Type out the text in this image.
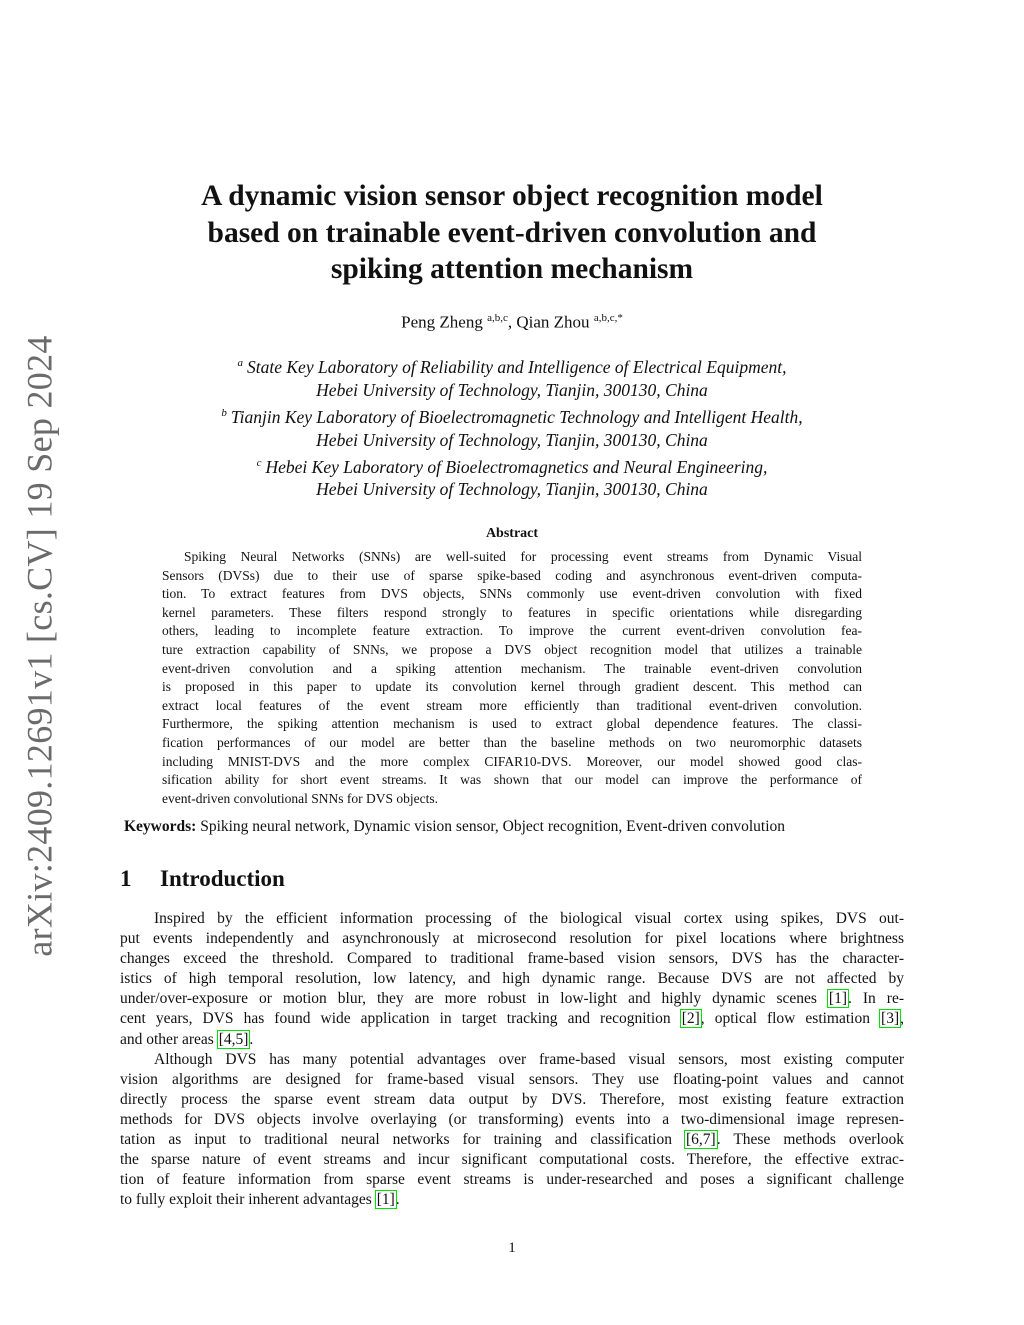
arXiv:2409.12691v1 [cs.CV] 19 Sep 2024
A dynamic vision sensor object recognition model
based on trainable event-driven convolution and
spiking attention mechanism
Peng Zheng $^{a,b,c}$, Qian Zhou $^{a,b,c,*}$
$^a$ State Key Laboratory of Reliability and Intelligence of Electrical Equipment,
Hebei University of Technology, Tianjin, 300130, China
$^b$ Tianjin Key Laboratory of Bioelectromagnetic Technology and Intelligent Health,
Hebei University of Technology, Tianjin, 300130, China
$^c$ Hebei Key Laboratory of Bioelectromagnetics and Neural Engineering,
Hebei University of Technology, Tianjin, 300130, China
Abstract
Spiking Neural Networks (SNNs) are well-suited for processing event streams from Dynamic Visual
Sensors (DVSs) due to their use of sparse spike-based coding and asynchronous event-driven computa-
tion. To extract features from DVS objects, SNNs commonly use event-driven convolution with fixed
kernel parameters. These filters respond strongly to features in specific orientations while disregarding
others, leading to incomplete feature extraction. To improve the current event-driven convolution fea-
ture extraction capability of SNNs, we propose a DVS object recognition model that utilizes a trainable
event-driven convolution and a spiking attention mechanism. The trainable event-driven convolution
is proposed in this paper to update its convolution kernel through gradient descent. This method can
extract local features of the event stream more efficiently than traditional event-driven convolution.
Furthermore, the spiking attention mechanism is used to extract global dependence features. The classi-
fication performances of our model are better than the baseline methods on two neuromorphic datasets
including MNIST-DVS and the more complex CIFAR10-DVS. Moreover, our model showed good clas-
sification ability for short event streams. It was shown that our model can improve the performance of
event-driven convolutional SNNs for DVS objects.
Keywords: Spiking neural network, Dynamic vision sensor, Object recognition, Event-driven convolution
1 Introduction
Inspired by the efficient information processing of the biological visual cortex using spikes, DVS out-
put events independently and asynchronously at microsecond resolution for pixel locations where brightness
changes exceed the threshold. Compared to traditional frame-based vision sensors, DVS has the character-
istics of high temporal resolution, low latency, and high dynamic range. Because DVS are not affected by
under/over-exposure or motion blur, they are more robust in low-light and highly dynamic scenes [1]. In re-
cent years, DVS has found wide application in target tracking and recognition [2], optical flow estimation [3],
and other areas [4,5].
Although DVS has many potential advantages over frame-based visual sensors, most existing computer
vision algorithms are designed for frame-based visual sensors. They use floating-point values and cannot
directly process the sparse event stream data output by DVS. Therefore, most existing feature extraction
methods for DVS objects involve overlaying (or transforming) events into a two-dimensional image represen-
tation as input to traditional neural networks for training and classification [6,7]. These methods overlook
the sparse nature of event streams and incur significant computational costs. Therefore, the effective extrac-
tion of feature information from sparse event streams is under-researched and poses a significant challenge
to fully exploit their inherent advantages [1].
1
